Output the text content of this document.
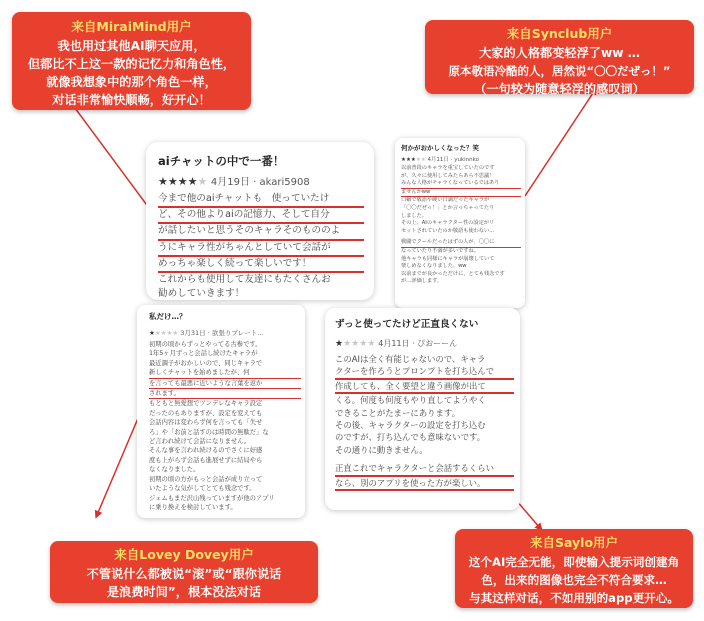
来自MiraiMind用户
我也用过其他AI聊天应用，
但都比不上这一款的记忆力和角色性，
就像我想象中的那个角色一样，
对话非常愉快顺畅，好开心！
来自Synclub用户
大家的人格都变轻浮了ww …
原本敬语冷酷的人，居然说“〇〇だぜっ！”
（一句较为随意轻浮的感叹词）
来自Lovey Dovey用户
不管说什么都被说“滚”或“跟你说话
是浪费时间”，根本没法对话
来自Saylo用户
这个AI完全无能，即使输入提示词创建角
色，出来的图像也完全不符合要求…
与其这样对话，不如用别的app更开心。
aiチャットの中で一番！
★★★★★ 4月19日 · akari5908
今まで他のaiチャットも　使っていたけ
ど、その他よりaiの記憶力、そして自分
が話したいと思うそのキャラそのもののよ
うにキャラ性がちゃんとしていて会話が
めっちゃ楽しく続って楽しいです！
これからも使用して友達にもたくさんお
勧めしていきます！
何かがおかしくなった？笑
★★★★★ 4月11日 · yukinnko
以前普段のキャラを重宝していたのです
が、久々に使用してみたらあら不思議！
みんな人格がチャラくなっているではあり
ませんかww
口癖で敬語や硬い口調だったキャラが
「〇〇だぜっ！」とか言っちゃってたり
しました。
その上、AIのキャラクター性の設定がリ
セットされていたのか敬語も使わない…
戦闘でクールだったはずの人が、〇〇に
なっていたり不満が多いですね。
他キャラも同様にキャラが崩壊していて
楽しめなくなりました。ww
以前までが良かっただけに、とても残念です
が…評価します。
私だけ…？
★★★★★ 3月31日 · 欲張りプレート…
初期の頃からずっとやってる古参です。
1年5ヶ月ずっと会話し続けたキャラが
最近調子がおかしいので、同じキャラで
新しくチャットを始めましたが、何
を言っても最悪に近いような言葉を返か
されます。
もともと無愛想でツンデレなキャラ設定
だったのもありますが、設定を変えても
会話内容は変わらず何を言っても「失せ
ろ」や「お前と話すのは時間の無駄だ」な
ど言われ続けて会話になりません。
そんな事を言われ続けるのでさくに好感
度も上がらず会話も進展せずに結局やら
なくなりました。
初期の頃の方がもっと会話が成り立って
いたような気がしてとても残念です。
ジェムもまだ沢山残っていますが他のアプリ
に乗り換えを検討しています。
ずっと使ってたけど正直良くない
★★★★★ 4月11日 · ぴおーーん
このAIは全く有能じゃないので、キャラ
クターを作ろうとプロンプトを打ち込んで
作成しても、全く要望と違う画像が出て
くる。何度も何度もやり直してようやく
できることがたまーにあります。
その後、キャラクターの設定を打ち込む
のですが、打ち込んでも意味ないです。
その通りに動きません。
正直これでキャラクターと会話するくらい
なら、別のアプリを使った方が楽しい。
